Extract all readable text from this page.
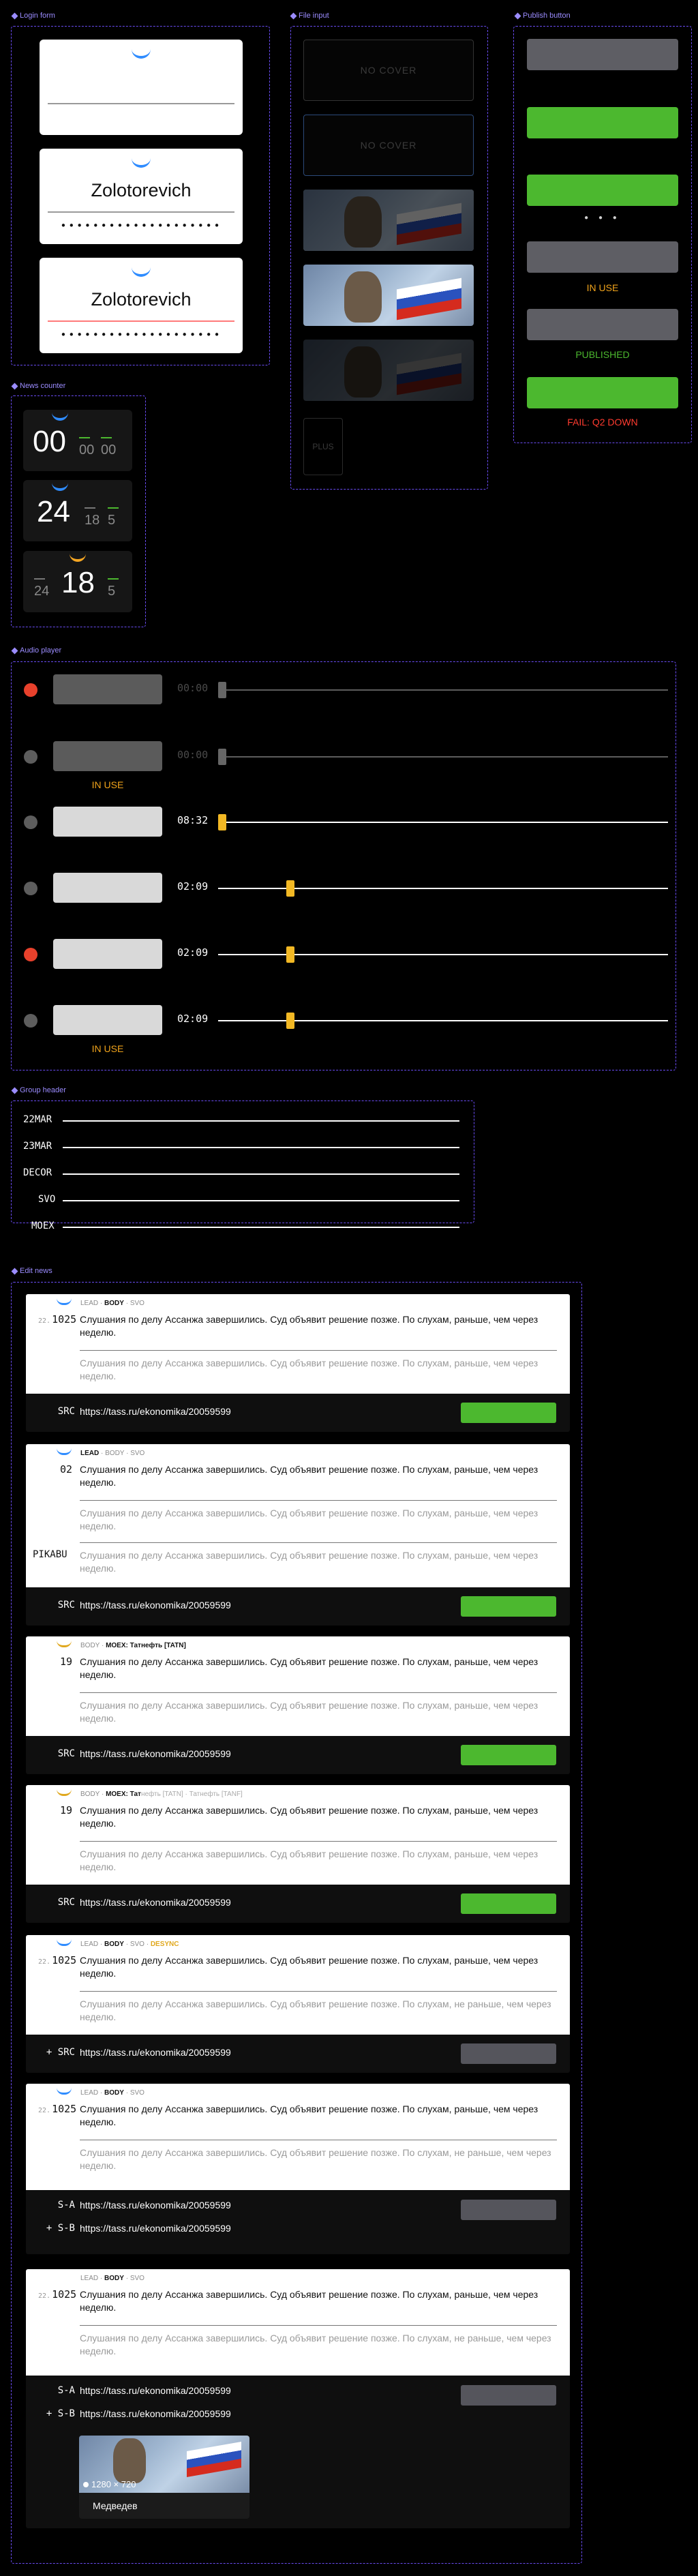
Login form
Zolotorevich
••••••••••••••••••••
Zolotorevich
••••••••••••••••••••
File input
NO COVER
NO COVER
PLUS
Publish button
● ● ●
IN USE
PUBLISHED
FAIL: Q2 DOWN
News counter
00 00 00
24 18 5
24 18 5
Audio player
00:00
00:00
IN USE
08:32
02:09
02:09
02:09
IN USE
Group header
22MAR
23MAR
DECOR
SVO
MOEX
Edit news
LEAD · BODY · SVO
22. 1025 Слушания по делу Ассанжа завершились. Суд объявит решение позже. По слухам, раньше, чем через неделю.
Слушания по делу Ассанжа завершились. Суд объявит решение позже. По слухам, раньше, чем через неделю.
SRC https://tass.ru/ekonomika/20059599
LEAD · BODY · SVO
02 Слушания по делу Ассанжа завершились. Суд объявит решение позже. По слухам, раньше, чем через неделю.
Слушания по делу Ассанжа завершились. Суд объявит решение позже. По слухам, раньше, чем через неделю.
PIKABU Слушания по делу Ассанжа завершились. Суд объявит решение позже. По слухам, раньше, чем через неделю.
SRC https://tass.ru/ekonomika/20059599
BODY · MOEX: Татнефть [TATN]
19 Слушания по делу Ассанжа завершились. Суд объявит решение позже. По слухам, раньше, чем через неделю.
Слушания по делу Ассанжа завершились. Суд объявит решение позже. По слухам, раньше, чем через неделю.
SRC https://tass.ru/ekonomika/20059599
BODY · MOEX: Татнефть [TATN] · Татнефть [TANF]
19 Слушания по делу Ассанжа завершились. Суд объявит решение позже. По слухам, раньше, чем через неделю.
Слушания по делу Ассанжа завершились. Суд объявит решение позже. По слухам, раньше, чем через неделю.
SRC https://tass.ru/ekonomika/20059599
LEAD · BODY · SVO · DESYNC
22. 1025 Слушания по делу Ассанжа завершились. Суд объявит решение позже. По слухам, раньше, чем через неделю.
Слушания по делу Ассанжа завершились. Суд объявит решение позже. По слухам, не раньше, чем через неделю.
+ SRC https://tass.ru/ekonomika/20059599
LEAD · BODY · SVO
22. 1025 Слушания по делу Ассанжа завершились. Суд объявит решение позже. По слухам, раньше, чем через неделю.
Слушания по делу Ассанжа завершились. Суд объявит решение позже. По слухам, не раньше, чем через неделю.
S-A https://tass.ru/ekonomika/20059599
+ S-B https://tass.ru/ekonomika/20059599
LEAD · BODY · SVO
22. 1025 Слушания по делу Ассанжа завершились. Суд объявит решение позже. По слухам, раньше, чем через неделю.
Слушания по делу Ассанжа завершились. Суд объявит решение позже. По слухам, не раньше, чем через неделю.
S-A https://tass.ru/ekonomika/20059599
+ S-B https://tass.ru/ekonomika/20059599
1280 × 720
Медведев
